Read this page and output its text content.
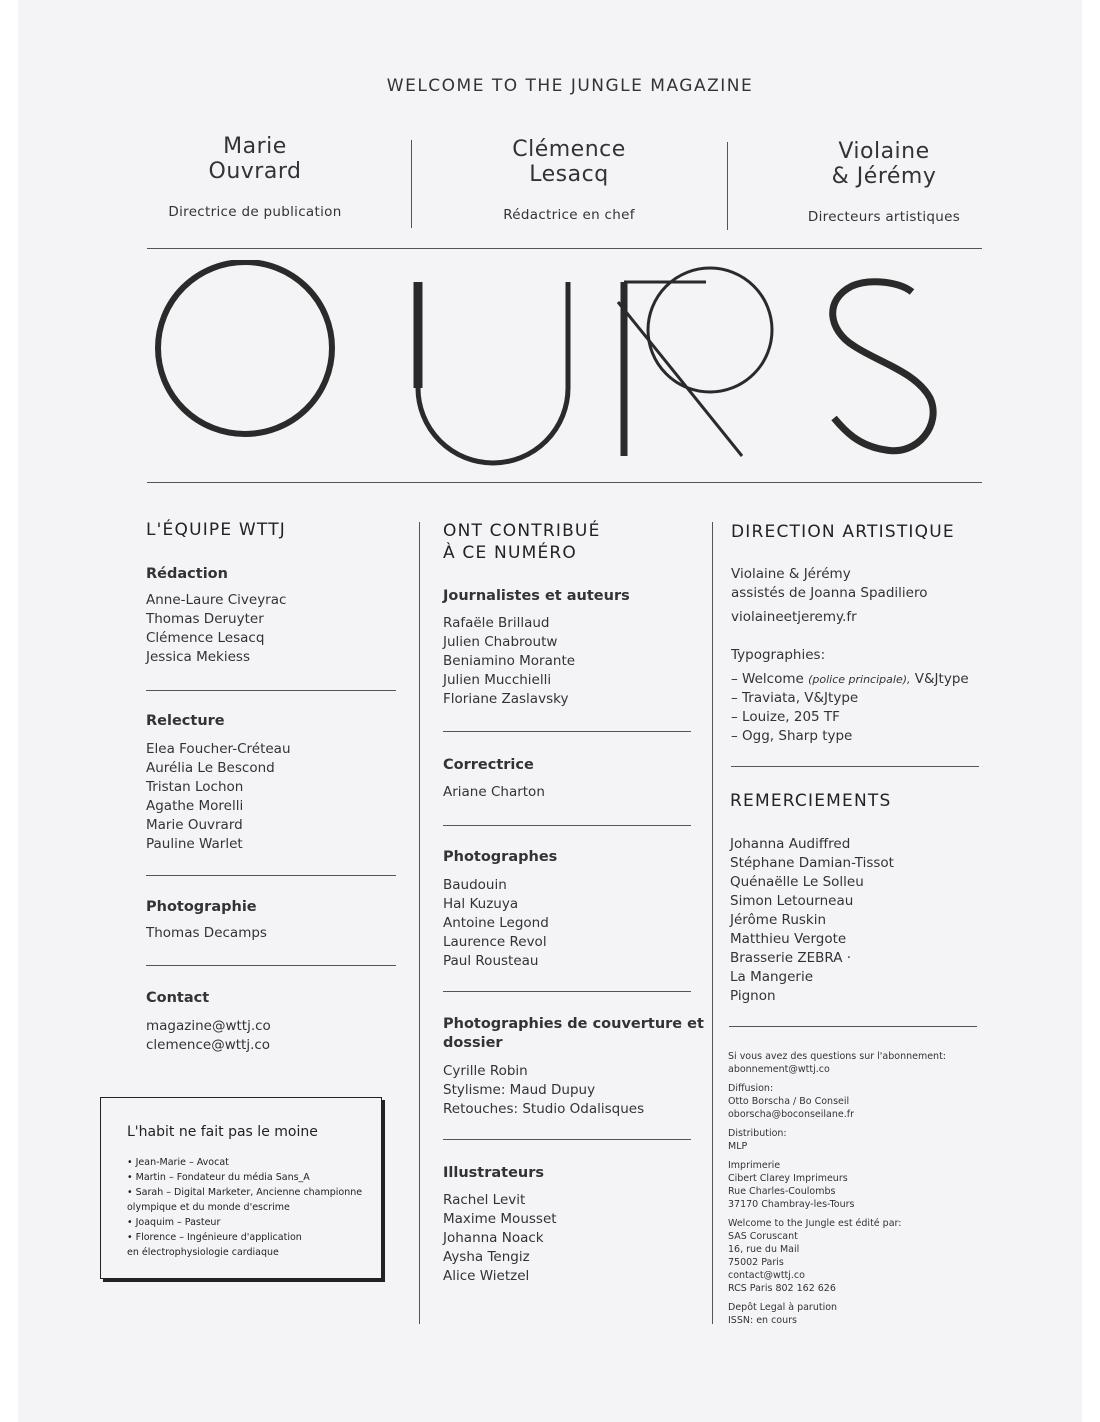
WELCOME TO THE JUNGLE MAGAZINE
Marie
Ouvrard
Directrice de publication
Clémence
Lesacq
Rédactrice en chef
Violaine
& Jérémy
Directeurs artistiques
L'ÉQUIPE WTTJ
Rédaction
Anne-Laure Civeyrac
Thomas Deruyter
Clémence Lesacq
Jessica Mekiess
Relecture
Elea Foucher-Créteau
Aurélia Le Bescond
Tristan Lochon
Agathe Morelli
Marie Ouvrard
Pauline Warlet
Photographie
Thomas Decamps
Contact
magazine@wttj.co
clemence@wttj.co
L'habit ne fait pas le moine
• Jean-Marie – Avocat
• Martin – Fondateur du média Sans_A
• Sarah – Digital Marketer, Ancienne championne
olympique et du monde d'escrime
• Joaquim – Pasteur
• Florence – Ingénieure d'application
en électrophysiologie cardiaque
ONT CONTRIBUÉ
À CE NUMÉRO
Journalistes et auteurs
Rafaële Brillaud
Julien Chabroutw
Beniamino Morante
Julien Mucchielli
Floriane Zaslavsky
Correctrice
Ariane Charton
Photographes
Baudouin
Hal Kuzuya
Antoine Legond
Laurence Revol
Paul Rousteau
Photographies de couverture et
dossier
Cyrille Robin
Stylisme: Maud Dupuy
Retouches: Studio Odalisques
Illustrateurs
Rachel Levit
Maxime Mousset
Johanna Noack
Aysha Tengiz
Alice Wietzel
DIRECTION ARTISTIQUE
Violaine & Jérémy
assistés de Joanna Spadiliero
violaineetjeremy.fr
Typographies:
– Welcome (police principale), V&Jtype
– Traviata, V&Jtype
– Louize, 205 TF
– Ogg, Sharp type
REMERCIEMENTS
Johanna Audiffred
Stéphane Damian-Tissot
Quénaëlle Le Solleu
Simon Letourneau
Jérôme Ruskin
Matthieu Vergote
Brasserie ZEBRA ·
La Mangerie
Pignon
Si vous avez des questions sur l'abonnement:
abonnement@wttj.co
Diffusion:
Otto Borscha / Bo Conseil
oborscha@boconseilane.fr
Distribution:
MLP
Imprimerie
Cibert Clarey Imprimeurs
Rue Charles-Coulombs
37170 Chambray-les-Tours
Welcome to the Jungle est édité par:
SAS Coruscant
16, rue du Mail
75002 Paris
contact@wttj.co
RCS Paris 802 162 626
Depôt Legal à parution
ISSN: en cours
